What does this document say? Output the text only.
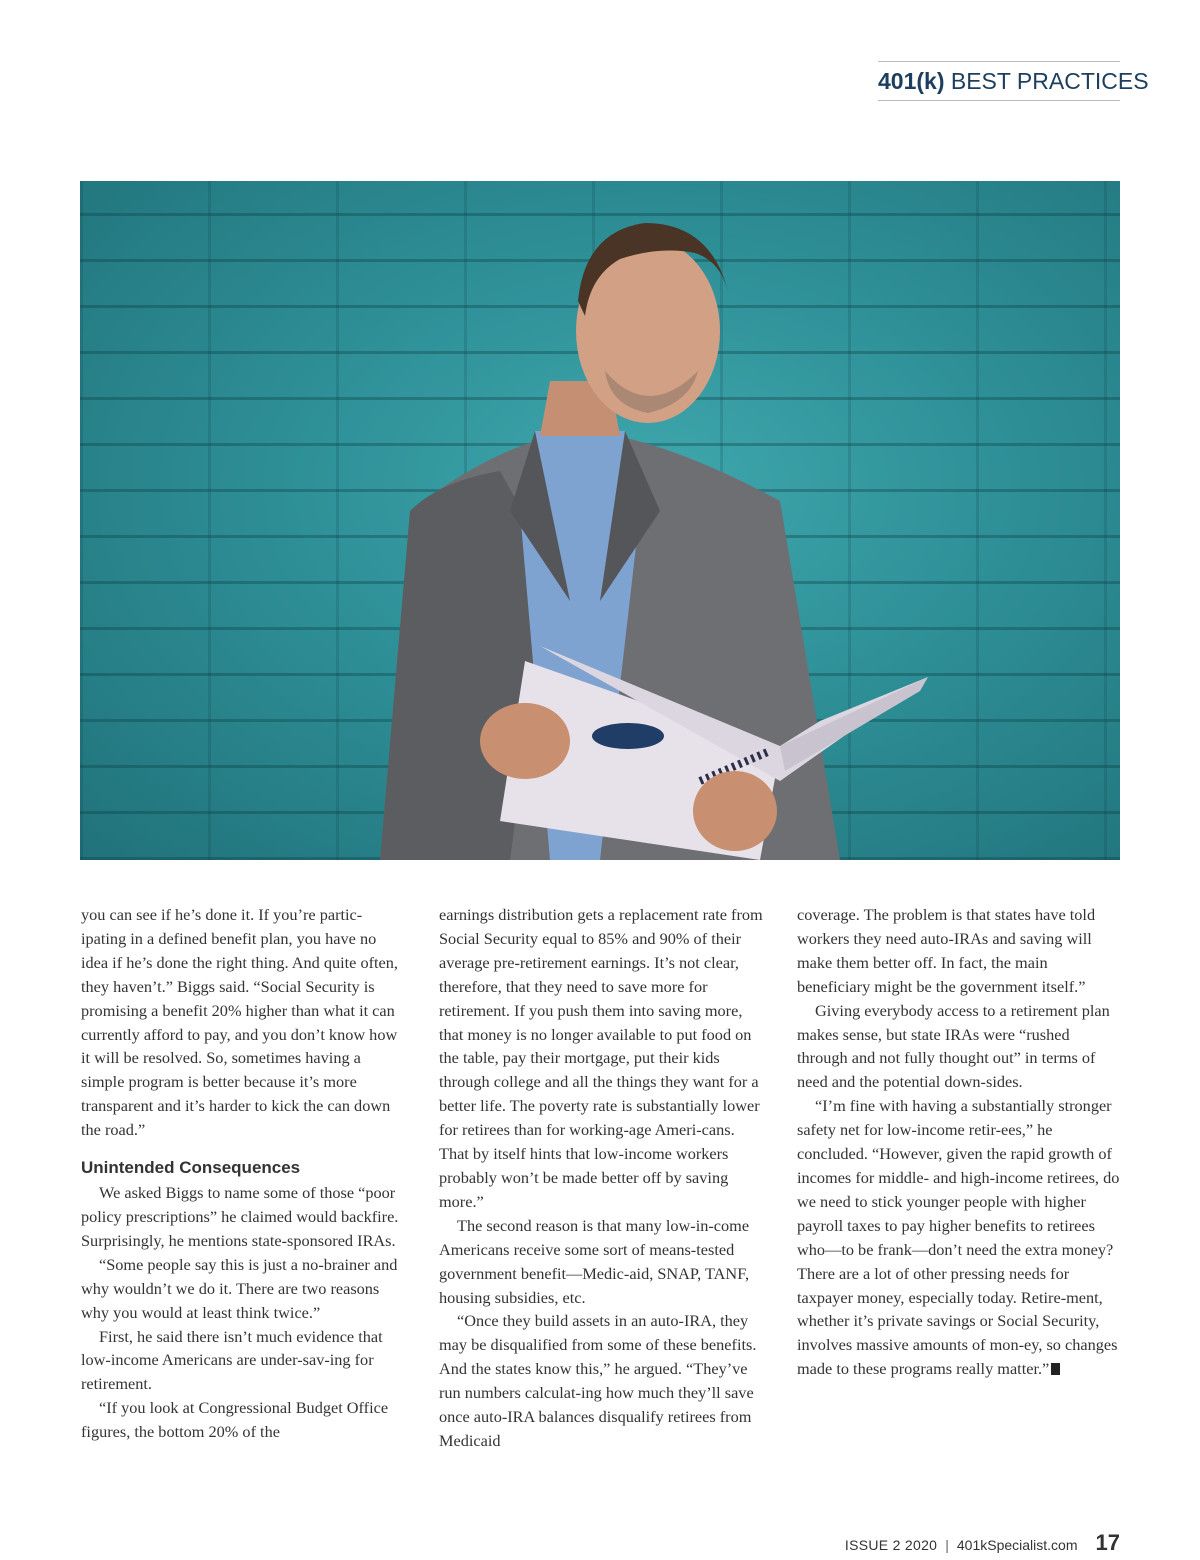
401(k) BEST PRACTICES

you can see if he’s done it. If you’re partic-ipating in a defined benefit plan, you have no idea if he’s done the right thing. And quite often, they haven’t.” Biggs said. “Social Security is promising a benefit 20% higher than what it can currently afford to pay, and you don’t know how it will be resolved. So, sometimes having a simple program is better because it’s more transparent and it’s harder to kick the can down the road.”

Unintended Consequences

We asked Biggs to name some of those “poor policy prescriptions” he claimed would backfire. Surprisingly, he mentions state-sponsored IRAs.

“Some people say this is just a no-brainer and why wouldn’t we do it. There are two reasons why you would at least think twice.”

First, he said there isn’t much evidence that low-income Americans are under-sav-ing for retirement.

“If you look at Congressional Budget Office figures, the bottom 20% of the

earnings distribution gets a replacement rate from Social Security equal to 85% and 90% of their average pre-retirement earnings. It’s not clear, therefore, that they need to save more for retirement. If you push them into saving more, that money is no longer available to put food on the table, pay their mortgage, put their kids through college and all the things they want for a better life. The poverty rate is substantially lower for retirees than for working-age Ameri-cans. That by itself hints that low-income workers probably won’t be made better off by saving more.”

The second reason is that many low-in-come Americans receive some sort of means-tested government benefit—Medic-aid, SNAP, TANF, housing subsidies, etc.

“Once they build assets in an auto-IRA, they may be disqualified from some of these benefits. And the states know this,” he argued. “They’ve run numbers calculat-ing how much they’ll save once auto-IRA balances disqualify retirees from Medicaid

coverage. The problem is that states have told workers they need auto-IRAs and saving will make them better off. In fact, the main beneficiary might be the government itself.”

Giving everybody access to a retirement plan makes sense, but state IRAs were “rushed through and not fully thought out” in terms of need and the potential down-sides.

“I’m fine with having a substantially stronger safety net for low-income retir-ees,” he concluded. “However, given the rapid growth of incomes for middle- and high-income retirees, do we need to stick younger people with higher payroll taxes to pay higher benefits to retirees who—to be frank—don’t need the extra money? There are a lot of other pressing needs for taxpayer money, especially today. Retire-ment, whether it’s private savings or Social Security, involves massive amounts of mon-ey, so changes made to these programs really matter.”

ISSUE 2 2020 | 401kSpecialist.com 17
